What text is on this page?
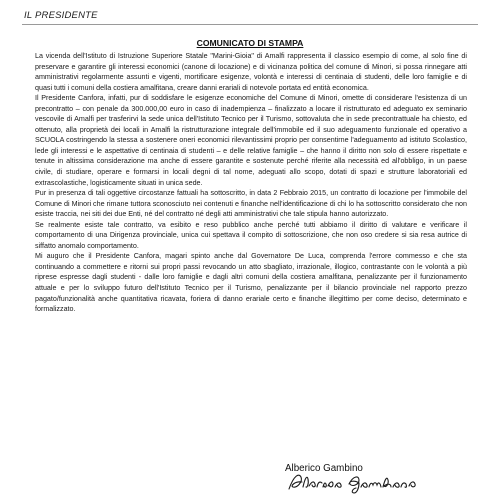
IL PRESIDENTE
COMUNICATO DI STAMPA

La vicenda dell'Istituto di Istruzione Superiore Statale "Marini-Gioia" di Amalfi rappresenta il classico esempio di come, al solo fine di preservare e garantire gli interessi economici (canone di locazione) e di vicinanza politica del comune di Minori, si possa rinnegare atti amministrativi regolarmente assunti e vigenti, mortificare esigenze, volontà e interessi di centinaia di studenti, delle loro famiglie e di quasi tutti i comuni della costiera amalfitana, creare danni erariali di notevole portata ed entità economica.

Il Presidente Canfora, infatti, pur di soddisfare le esigenze economiche del Comune di Minori, omette di considerare l'esistenza di un precontratto – con penale da 300.000,00 euro in caso di inadempienza – finalizzato a locare il ristrutturato ed adeguato ex seminario vescovile di Amalfi per trasferirvi la sede unica dell'Istituto Tecnico per il Turismo, sottovaluta che in sede precontrattuale ha chiesto, ed ottenuto, alla proprietà dei locali in Amalfi la ristrutturazione integrale dell'immobile ed il suo adeguamento funzionale ed operativo a SCUOLA costringendo la stessa a sostenere oneri economici rilevantissimi proprio per consentirne l'adeguamento ad istituto Scolastico, lede gli interessi e le aspettative di centinaia di studenti – e delle relative famiglie – che hanno il diritto non solo di essere rispettate e tenute in altissima considerazione ma anche di essere garantite e sostenute perché riferite alla necessità ed all'obbligo, in un paese civile, di studiare, operare e formarsi in locali degni di tal nome, adeguati allo scopo, dotati di spazi e strutture laboratoriali ed extrascolastiche, logisticamente situati in unica sede.

Pur in presenza di tali oggettive circostanze fattuali ha sottoscritto, in data 2 Febbraio 2015, un contratto di locazione per l'immobile del Comune di Minori che rimane tuttora sconosciuto nei contenuti e finanche nell'identificazione di chi lo ha sottoscritto considerato che non esiste traccia, nei siti dei due Enti, né del contratto né degli atti amministrativi che tale stipula hanno autorizzato.

Se realmente esiste tale contratto, va esibito e reso pubblico anche perché tutti abbiamo il diritto di valutare e verificare il comportamento di una Dirigenza provinciale, unica cui spettava il compito di sottoscrizione, che non oso credere si sia resa autrice di siffatto anomalo comportamento.

Mi auguro che il Presidente Canfora, magari spinto anche dal Governatore De Luca, comprenda l'errore commesso e che sta continuando a commettere e ritorni sui propri passi revocando un atto sbagliato, irrazionale, illogico, contrastante con le volontà a più riprese espresse dagli studenti - dalle loro famiglie e dagli altri comuni della costiera amalfitana, penalizzante per il funzionamento attuale e per lo sviluppo futuro dell'Istituto Tecnico per il Turismo, penalizzante per il bilancio provinciale nel rapporto prezzo pagato/funzionalità anche quantitativa ricavata, foriera di danno erariale certo e finanche illegittimo per come deciso, determinato e formalizzato.

Alberico Gambino
